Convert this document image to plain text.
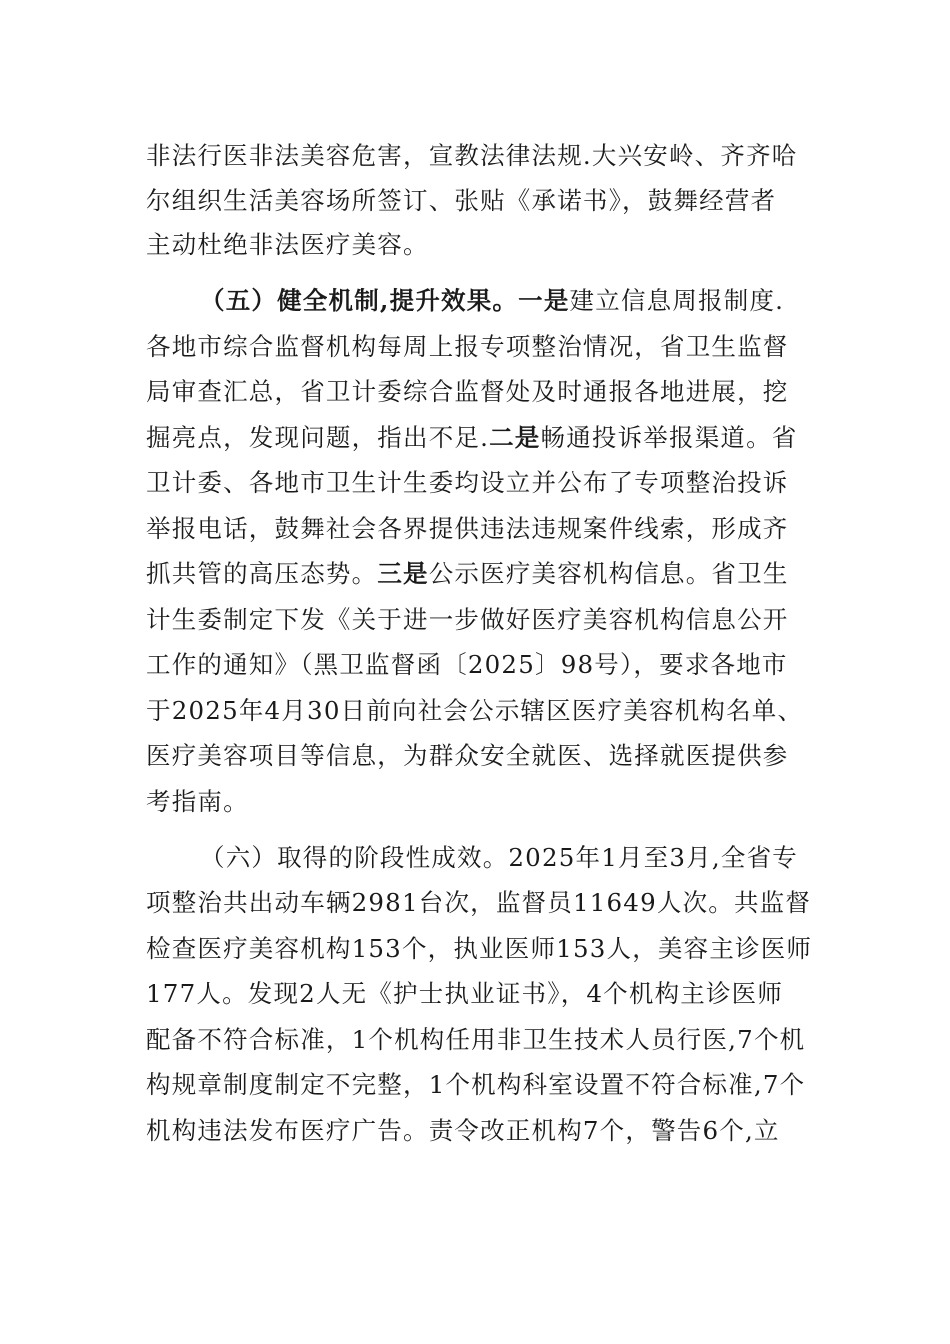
非法行医非法美容危害，宣教法律法规.大兴安岭、齐齐哈
尔组织生活美容场所签订、张贴《承诺书》，鼓舞经营者
主动杜绝非法医疗美容。
（五）健全机制,提升效果。一是建立信息周报制度.
各地市综合监督机构每周上报专项整治情况，省卫生监督
局审查汇总，省卫计委综合监督处及时通报各地进展，挖
掘亮点，发现问题，指出不足.二是畅通投诉举报渠道。省
卫计委、各地市卫生计生委均设立并公布了专项整治投诉
举报电话，鼓舞社会各界提供违法违规案件线索，形成齐
抓共管的高压态势。三是公示医疗美容机构信息。省卫生
计生委制定下发《关于进一步做好医疗美容机构信息公开
工作的通知》（黑卫监督函〔2025〕98号），要求各地市
于2025年4月30日前向社会公示辖区医疗美容机构名单、
医疗美容项目等信息，为群众安全就医、选择就医提供参
考指南。
（六）取得的阶段性成效。2025年1月至3月,全省专
项整治共出动车辆2981台次，监督员11649人次。共监督
检查医疗美容机构153个，执业医师153人，美容主诊医师
177人。发现2人无《护士执业证书》，4个机构主诊医师
配备不符合标准，1个机构任用非卫生技术人员行医,7个机
构规章制度制定不完整，1个机构科室设置不符合标准,7个
机构违法发布医疗广告。责令改正机构7个，警告6个,立
